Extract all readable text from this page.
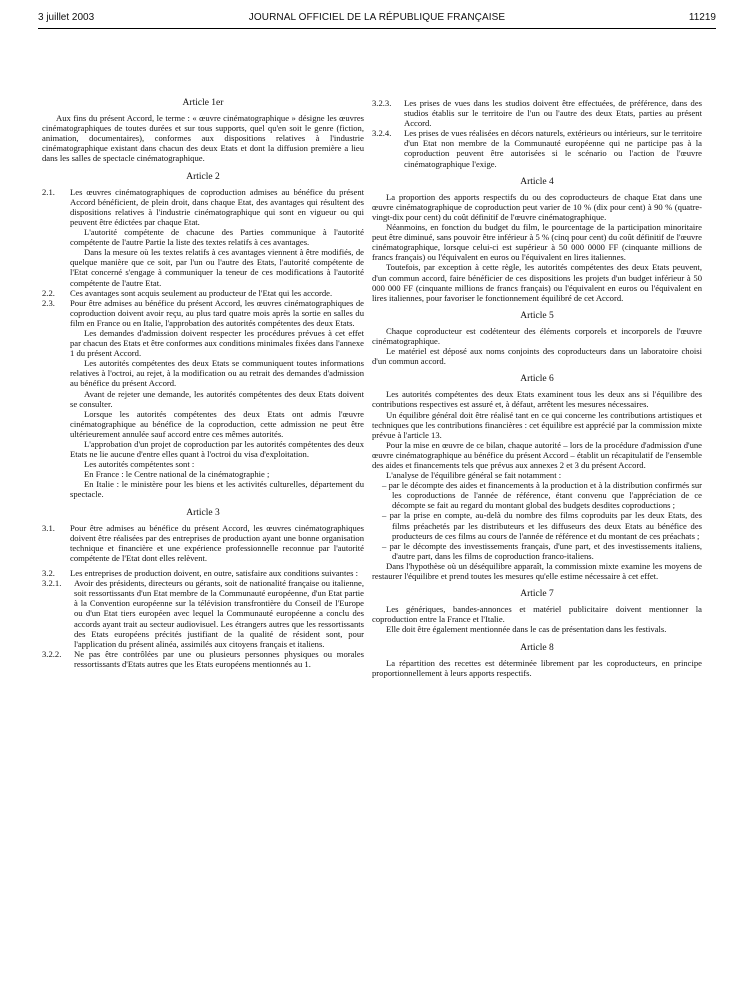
3 juillet 2003	JOURNAL OFFICIEL DE LA RÉPUBLIQUE FRANÇAISE	11219
Article 1er

Aux fins du présent Accord, le terme : « œuvre cinématographique » désigne les œuvres cinématographiques de toutes durées et sur tous supports, quel qu'en soit le genre (fiction, animation, documentaires), conformes aux dispositions relatives à l'industrie cinématographique existant dans chacun des deux Etats et dont la diffusion première a lieu dans les salles de spectacle cinématographique.

Article 2
2.1.	Les œuvres cinématographiques de coproduction admises au bénéfice du présent Accord bénéficient, de plein droit, dans chaque Etat, des avantages qui résultent des dispositions relatives à l'industrie cinématographique qui sont en vigueur ou qui peuvent être édictées par chaque Etat.

L'autorité compétente de chacune des Parties communique à l'autorité compétente de l'autre Partie la liste des textes relatifs à ces avantages.

Dans la mesure où les textes relatifs à ces avantages viennent à être modifiés, de quelque manière que ce soit, par l'un ou l'autre des Etats, l'autorité compétente de l'Etat concerné s'engage à communiquer la teneur de ces modifications à l'autorité compétente de l'autre Etat.

2.2.	Ces avantages sont acquis seulement au producteur de l'Etat qui les accorde.
2.3.	Pour être admises au bénéfice du présent Accord, les œuvres cinématographiques de coproduction doivent avoir reçu, au plus tard quatre mois après la sortie en salles du film en France ou en Italie, l'approbation des autorités compétentes des deux Etats.

Les demandes d'admission doivent respecter les procédures prévues à cet effet par chacun des Etats et être conformes aux conditions minimales fixées dans l'annexe 1 du présent Accord.

Les autorités compétentes des deux Etats se communiquent toutes informations relatives à l'octroi, au rejet, à la modification ou au retrait des demandes d'admission au bénéfice du présent Accord.

Avant de rejeter une demande, les autorités compétentes des deux Etats doivent se consulter.

Lorsque les autorités compétentes des deux Etats ont admis l'œuvre cinématographique au bénéfice de la coproduction, cette admission ne peut être ultérieurement annulée sauf accord entre ces mêmes autorités.

L'approbation d'un projet de coproduction par les autorités compétentes des deux Etats ne lie aucune d'entre elles quant à l'octroi du visa d'exploitation.

Les autorités compétentes sont :

En France : le Centre national de la cinématographie ;

En Italie : le ministère pour les biens et les activités culturelles, département du spectacle.

Article 3
3.1.	Pour être admises au bénéfice du présent Accord, les œuvres cinématographiques doivent être réalisées par des entreprises de production ayant une bonne organisation technique et financière et une expérience professionnelle reconnue par l'autorité compétente de l'Etat dont elles relèvent.
3.2.	Les entreprises de production doivent, en outre, satisfaire aux conditions suivantes :
3.2.1.	Avoir des présidents, directeurs ou gérants, soit de nationalité française ou italienne, soit ressortissants d'un Etat membre de la Communauté européenne, d'un Etat partie à la Convention européenne sur la télévision transfrontière du Conseil de l'Europe ou d'un Etat tiers européen avec lequel la Communauté européenne a conclu des accords ayant trait au secteur audiovisuel. Les étrangers autres que les ressortissants des Etats européens précités justifiant de la qualité de résident sont, pour l'application du présent alinéa, assimilés aux citoyens français et italiens.
3.2.2.	Ne pas être contrôlées par une ou plusieurs personnes physiques ou morales ressortissants d'Etats autres que les Etats européens mentionnés au 1.
3.2.3.	Les prises de vues dans les studios doivent être effectuées, de préférence, dans des studios établis sur le territoire de l'un ou l'autre des deux Etats, parties au présent Accord.
3.2.4.	Les prises de vues réalisées en décors naturels, extérieurs ou intérieurs, sur le territoire d'un Etat non membre de la Communauté européenne qui ne participe pas à la coproduction peuvent être autorisées si le scénario ou l'action de l'œuvre cinématographique l'exige.
Article 4

La proportion des apports respectifs du ou des coproducteurs de chaque Etat dans une œuvre cinématographique de coproduction peut varier de 10 % (dix pour cent) à 90 % (quatre-vingt-dix pour cent) du coût définitif de l'œuvre cinématographique.

Néanmoins, en fonction du budget du film, le pourcentage de la participation minoritaire peut être diminué, sans pouvoir être inférieur à 5 % (cinq pour cent) du coût définitif de l'œuvre cinématographique, lorsque celui-ci est supérieur à 50 000 0000 FF (cinquante millions de francs français) ou l'équivalent en euros ou l'équivalent en lires italiennes.

Toutefois, par exception à cette règle, les autorités compétentes des deux Etats peuvent, d'un commun accord, faire bénéficier de ces dispositions les projets d'un budget inférieur à 50 000 000 FF (cinquante millions de francs français) ou l'équivalent en euros ou l'équivalent en lires italiennes, pour favoriser le fonctionnement équilibré de cet Accord.

Article 5

Chaque coproducteur est codétenteur des éléments corporels et incorporels de l'œuvre cinématographique.

Le matériel est déposé aux noms conjoints des coproducteurs dans un laboratoire choisi d'un commun accord.

Article 6

Les autorités compétentes des deux Etats examinent tous les deux ans si l'équilibre des contributions respectives est assuré et, à défaut, arrêtent les mesures nécessaires.

Un équilibre général doit être réalisé tant en ce qui concerne les contributions artistiques et techniques que les contributions financières : cet équilibre est apprécié par la commission mixte prévue à l'article 13.

Pour la mise en œuvre de ce bilan, chaque autorité – lors de la procédure d'admission d'une œuvre cinématographique au bénéfice du présent Accord – établit un récapitulatif de l'ensemble des aides et financements tels que prévus aux annexes 2 et 3 du présent Accord.

L'analyse de l'équilibre général se fait notamment :

– par le décompte des aides et financements à la production et à la distribution confirmés sur les coproductions de l'année de référence, étant convenu que l'appréciation de ce décompte se fait au regard du montant global des budgets desdites coproductions ;
– par la prise en compte, au-delà du nombre des films coproduits par les deux Etats, des films préachetés par les distributeurs et les diffuseurs des deux Etats au bénéfice des producteurs de ces films au cours de l'année de référence et du montant de ces préachats ;
– par le décompte des investissements français, d'une part, et des investissements italiens, d'autre part, dans les films de coproduction franco-italiens.

Dans l'hypothèse où un déséquilibre apparaît, la commission mixte examine les moyens de restaurer l'équilibre et prend toutes les mesures qu'elle estime nécessaire à cet effet.

Article 7

Les génériques, bandes-annonces et matériel publicitaire doivent mentionner la coproduction entre la France et l'Italie.

Elle doit être également mentionnée dans le cas de présentation dans les festivals.

Article 8

La répartition des recettes est déterminée librement par les coproducteurs, en principe proportionnellement à leurs apports respectifs.
